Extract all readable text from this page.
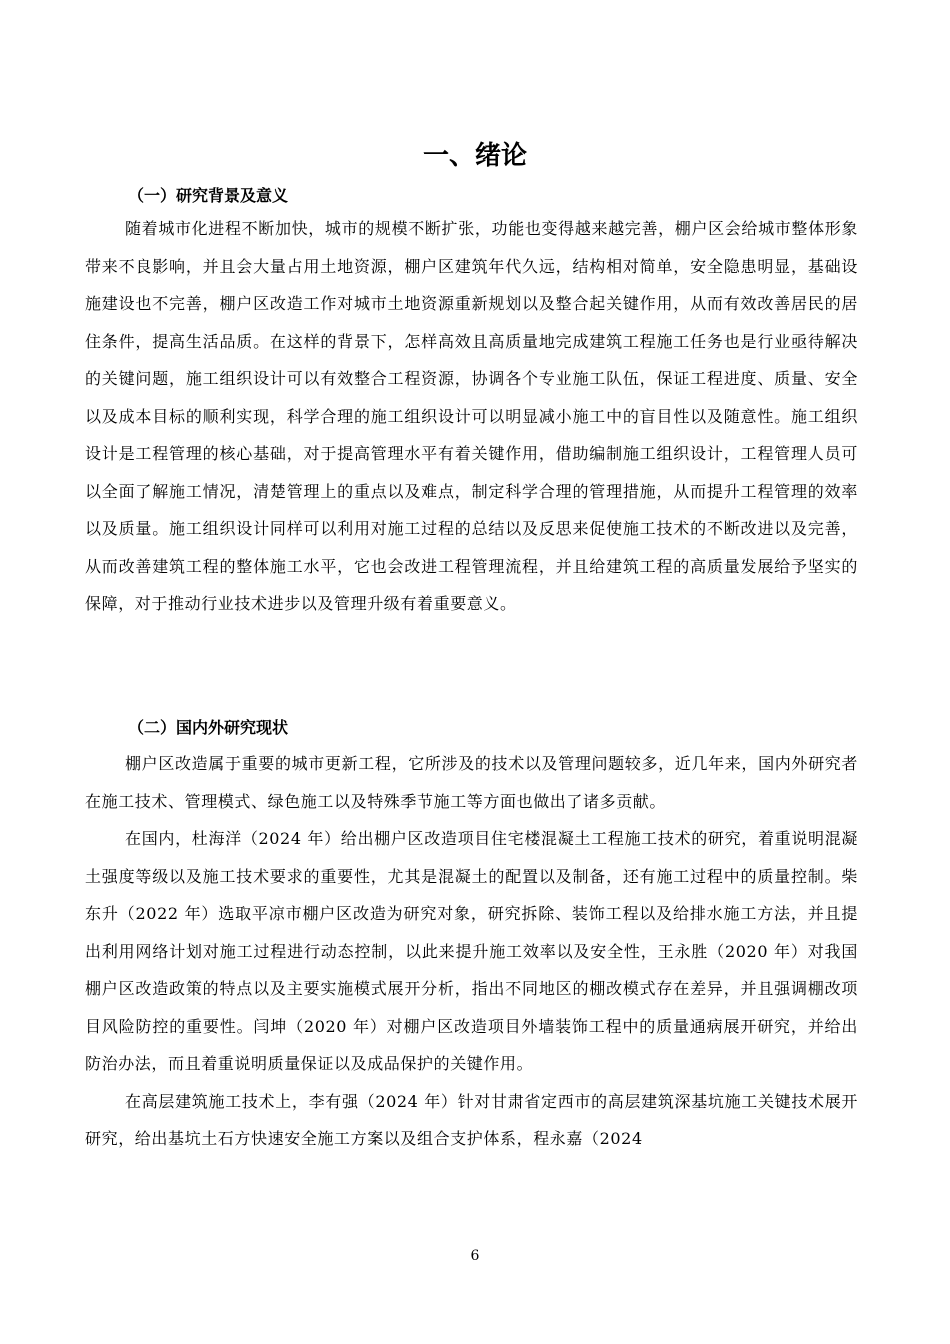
一、绪论
（一）研究背景及意义

随着城市化进程不断加快，城市的规模不断扩张，功能也变得越来越完善，棚户区会给城市整体形象带来不良影响，并且会大量占用土地资源，棚户区建筑年代久远，结构相对简单，安全隐患明显，基础设施建设也不完善，棚户区改造工作对城市土地资源重新规划以及整合起关键作用，从而有效改善居民的居住条件，提高生活品质。在这样的背景下，怎样高效且高质量地完成建筑工程施工任务也是行业亟待解决的关键问题，施工组织设计可以有效整合工程资源，协调各个专业施工队伍，保证工程进度、质量、安全以及成本目标的顺利实现，科学合理的施工组织设计可以明显减小施工中的盲目性以及随意性。施工组织设计是工程管理的核心基础，对于提高管理水平有着关键作用，借助编制施工组织设计，工程管理人员可以全面了解施工情况，清楚管理上的重点以及难点，制定科学合理的管理措施，从而提升工程管理的效率以及质量。施工组织设计同样可以利用对施工过程的总结以及反思来促使施工技术的不断改进以及完善，从而改善建筑工程的整体施工水平，它也会改进工程管理流程，并且给建筑工程的高质量发展给予坚实的保障，对于推动行业技术进步以及管理升级有着重要意义。

（二）国内外研究现状

棚户区改造属于重要的城市更新工程，它所涉及的技术以及管理问题较多，近几年来，国内外研究者在施工技术、管理模式、绿色施工以及特殊季节施工等方面也做出了诸多贡献。

在国内，杜海洋（2024 年）给出棚户区改造项目住宅楼混凝土工程施工技术的研究，着重说明混凝土强度等级以及施工技术要求的重要性，尤其是混凝土的配置以及制备，还有施工过程中的质量控制。柴东升（2022 年）选取平凉市棚户区改造为研究对象，研究拆除、装饰工程以及给排水施工方法，并且提出利用网络计划对施工过程进行动态控制，以此来提升施工效率以及安全性，王永胜（2020 年）对我国棚户区改造政策的特点以及主要实施模式展开分析，指出不同地区的棚改模式存在差异，并且强调棚改项目风险防控的重要性。闫坤（2020 年）对棚户区改造项目外墙装饰工程中的质量通病展开研究，并给出防治办法，而且着重说明质量保证以及成品保护的关键作用。

在高层建筑施工技术上，李有强（2024 年）针对甘肃省定西市的高层建筑深基坑施工关键技术展开研究，给出基坑土石方快速安全施工方案以及组合支护体系，程永嘉（2024

6
